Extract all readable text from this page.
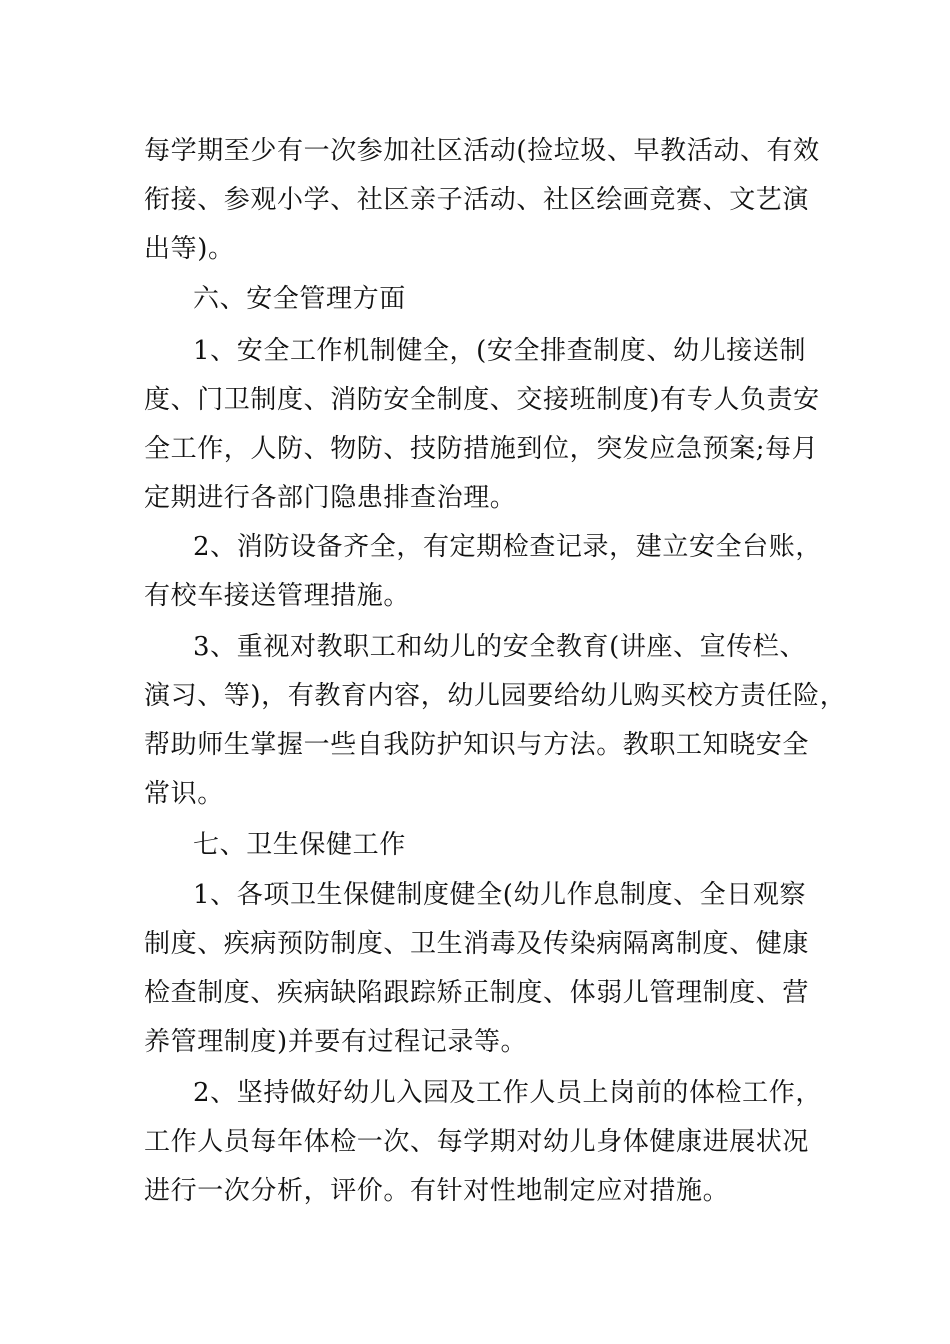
每学期至少有一次参加社区活动(捡垃圾、早教活动、有效
衔接、参观小学、社区亲子活动、社区绘画竞赛、文艺演
出等)。
六、安全管理方面
1、安全工作机制健全，(安全排查制度、幼儿接送制
度、门卫制度、消防安全制度、交接班制度)有专人负责安
全工作，人防、物防、技防措施到位，突发应急预案;每月
定期进行各部门隐患排查治理。
2、消防设备齐全，有定期检查记录，建立安全台账，
有校车接送管理措施。
3、重视对教职工和幼儿的安全教育(讲座、宣传栏、
演习、等)，有教育内容，幼儿园要给幼儿购买校方责任险，
帮助师生掌握一些自我防护知识与方法。教职工知晓安全
常识。
七、卫生保健工作
1、各项卫生保健制度健全(幼儿作息制度、全日观察
制度、疾病预防制度、卫生消毒及传染病隔离制度、健康
检查制度、疾病缺陷跟踪矫正制度、体弱儿管理制度、营
养管理制度)并要有过程记录等。
2、坚持做好幼儿入园及工作人员上岗前的体检工作，
工作人员每年体检一次、每学期对幼儿身体健康进展状况
进行一次分析，评价。有针对性地制定应对措施。
